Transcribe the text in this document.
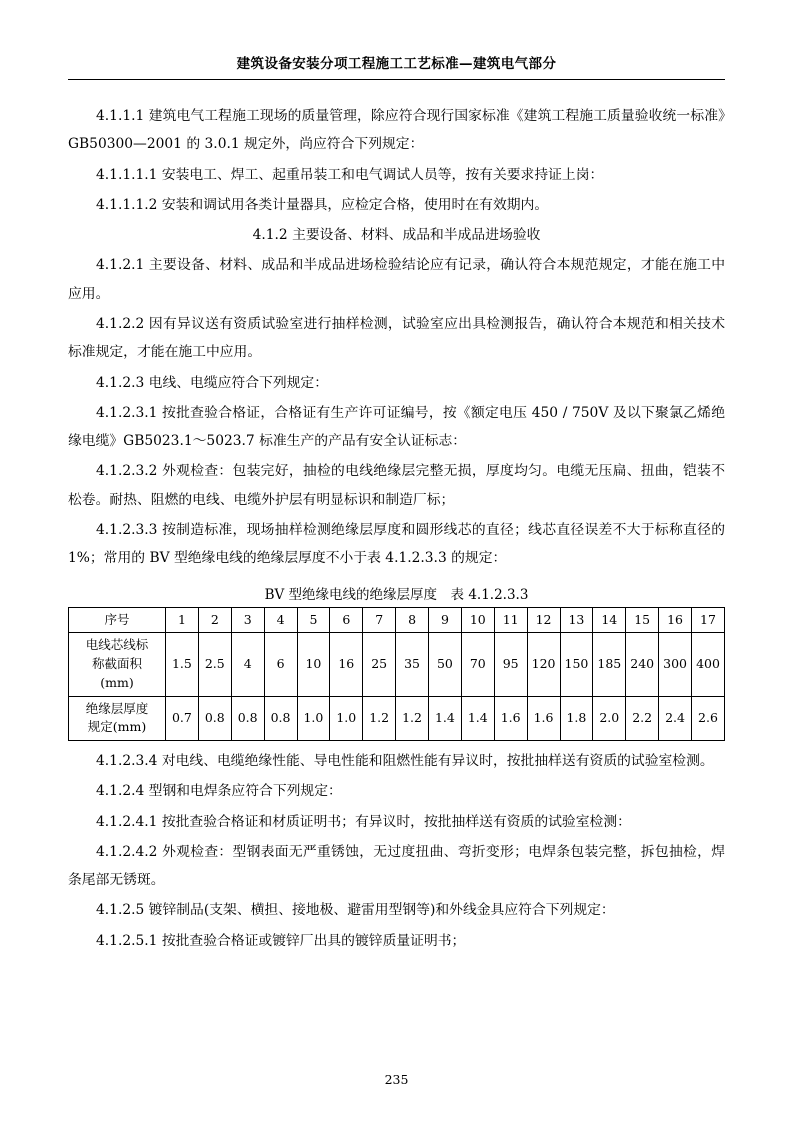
建筑设备安装分项工程施工工艺标准—建筑电气部分

4.1.1.1 建筑电气工程施工现场的质量管理，除应符合现行国家标准《建筑工程施工质量验收统一标准》GB50300—2001 的 3.0.1 规定外，尚应符合下列规定：

4.1.1.1.1 安装电工、焊工、起重吊装工和电气调试人员等，按有关要求持证上岗：

4.1.1.1.2 安装和调试用各类计量器具，应检定合格，使用时在有效期内。

4.1.2 主要设备、材料、成品和半成品进场验收

4.1.2.1 主要设备、材料、成品和半成品进场检验结论应有记录，确认符合本规范规定，才能在施工中应用。

4.1.2.2 因有异议送有资质试验室进行抽样检测，试验室应出具检测报告，确认符合本规范和相关技术标准规定，才能在施工中应用。

4.1.2.3 电线、电缆应符合下列规定：

4.1.2.3.1 按批查验合格证，合格证有生产许可证编号，按《额定电压 450 / 750V 及以下聚氯乙烯绝缘电缆》GB5023.1～5023.7 标准生产的产品有安全认证标志：

4.1.2.3.2 外观检查：包装完好，抽检的电线绝缘层完整无损，厚度均匀。电缆无压扁、扭曲，铠装不松卷。耐热、阻燃的电线、电缆外护层有明显标识和制造厂标；

4.1.2.3.3 按制造标准，现场抽样检测绝缘层厚度和圆形线芯的直径；线芯直径误差不大于标称直径的 1%；常用的 BV 型绝缘电线的绝缘层厚度不小于表 4.1.2.3.3 的规定：

BV 型绝缘电线的绝缘层厚度　表 4.1.2.3.3
序号	1	2	3	4	5	6	7	8	9	10	11	12	13	14	15	16	17

电线芯线标
称截面积
(mm)	1.5	2.5	4	6	10	16	25	35	50	70	95	120	150	185	240	300	400

绝缘层厚度
规定(mm)	0.7	0.8	0.8	0.8	1.0	1.0	1.2	1.2	1.4	1.4	1.6	1.6	1.8	2.0	2.2	2.4	2.6

4.1.2.3.4 对电线、电缆绝缘性能、导电性能和阻燃性能有异议时，按批抽样送有资质的试验室检测。

4.1.2.4 型钢和电焊条应符合下列规定：

4.1.2.4.1 按批查验合格证和材质证明书；有异议时，按批抽样送有资质的试验室检测：

4.1.2.4.2 外观检查：型钢表面无严重锈蚀，无过度扭曲、弯折变形；电焊条包装完整，拆包抽检，焊条尾部无锈斑。

4.1.2.5 镀锌制品(支架、横担、接地极、避雷用型钢等)和外线金具应符合下列规定：

4.1.2.5.1 按批查验合格证或镀锌厂出具的镀锌质量证明书；

235
